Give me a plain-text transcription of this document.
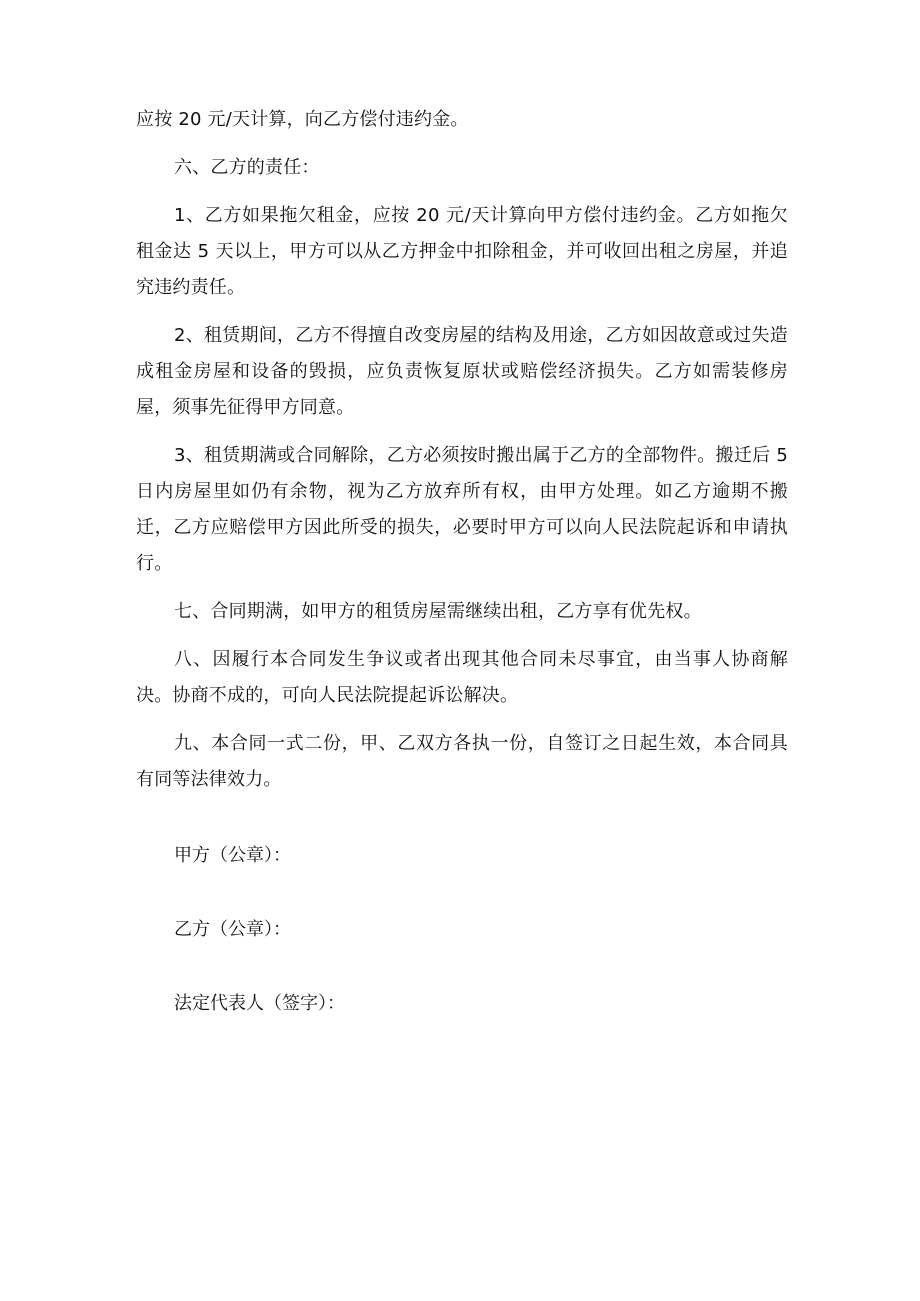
应按 20 元/天计算，向乙方偿付违约金。

六、乙方的责任：

1、乙方如果拖欠租金，应按 20 元/天计算向甲方偿付违约金。乙方如拖欠租金达 5 天以上，甲方可以从乙方押金中扣除租金，并可收回出租之房屋，并追究违约责任。

2、租赁期间，乙方不得擅自改变房屋的结构及用途，乙方如因故意或过失造成租金房屋和设备的毁损，应负责恢复原状或赔偿经济损失。乙方如需装修房屋，须事先征得甲方同意。

3、租赁期满或合同解除，乙方必须按时搬出属于乙方的全部物件。搬迁后 5 日内房屋里如仍有余物，视为乙方放弃所有权，由甲方处理。如乙方逾期不搬迁，乙方应赔偿甲方因此所受的损失，必要时甲方可以向人民法院起诉和申请执行。

七、合同期满，如甲方的租赁房屋需继续出租，乙方享有优先权。

八、因履行本合同发生争议或者出现其他合同未尽事宜，由当事人协商解决。协商不成的，可向人民法院提起诉讼解决。

九、本合同一式二份，甲、乙双方各执一份，自签订之日起生效，本合同具有同等法律效力。

甲方（公章）：
乙方（公章）：
法定代表人（签字）：
